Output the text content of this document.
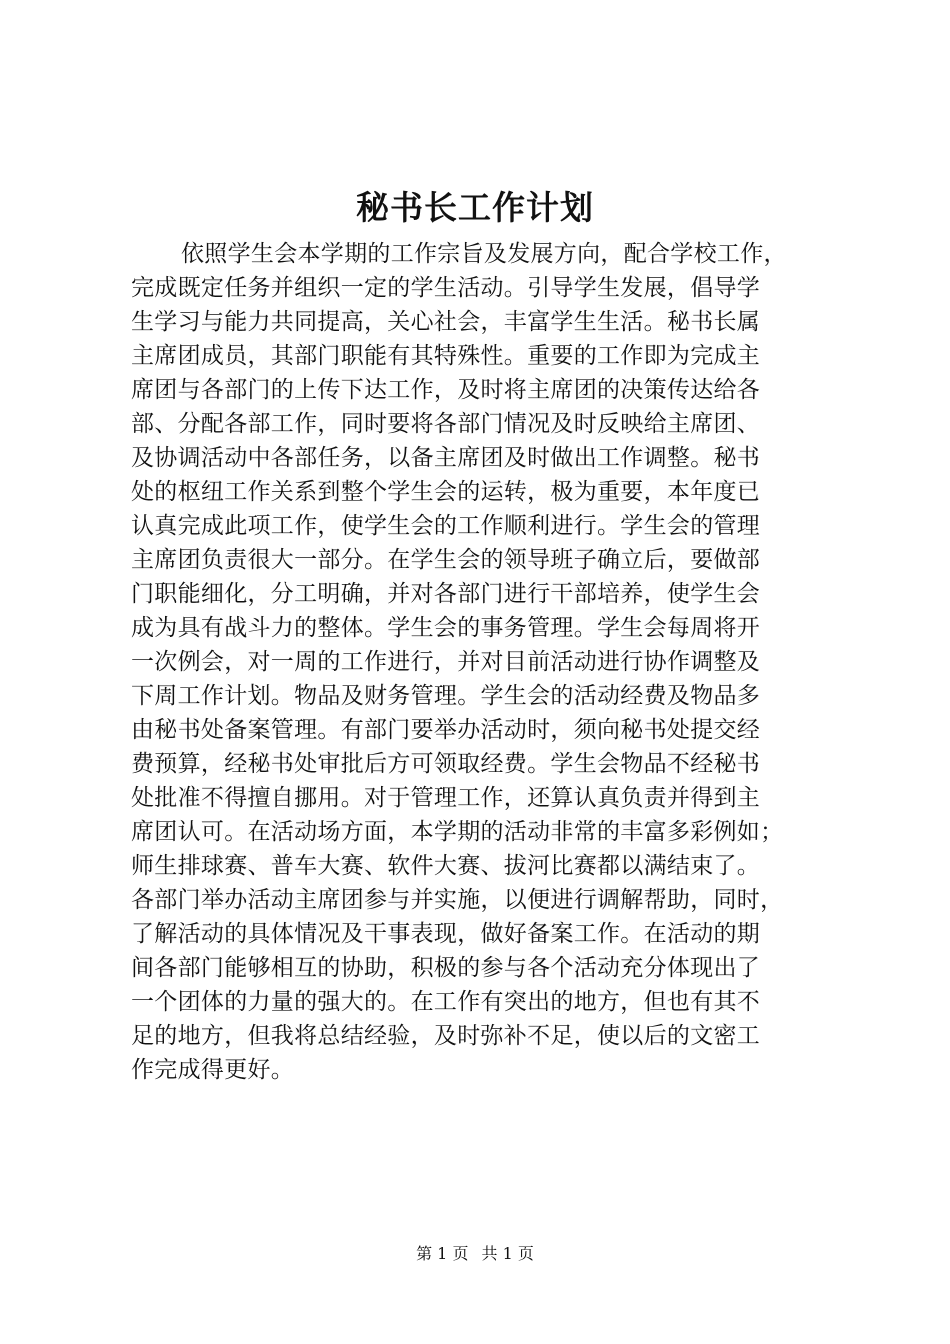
秘书长工作计划
依照学生会本学期的工作宗旨及发展方向，配合学校工作，
完成既定任务并组织一定的学生活动。引导学生发展，倡导学
生学习与能力共同提高，关心社会，丰富学生生活。秘书长属
主席团成员，其部门职能有其特殊性。重要的工作即为完成主
席团与各部门的上传下达工作，及时将主席团的决策传达给各
部、分配各部工作，同时要将各部门情况及时反映给主席团、
及协调活动中各部任务，以备主席团及时做出工作调整。秘书
处的枢纽工作关系到整个学生会的运转，极为重要，本年度已
认真完成此项工作，使学生会的工作顺利进行。学生会的管理
主席团负责很大一部分。在学生会的领导班子确立后，要做部
门职能细化，分工明确，并对各部门进行干部培养，使学生会
成为具有战斗力的整体。学生会的事务管理。学生会每周将开
一次例会，对一周的工作进行，并对目前活动进行协作调整及
下周工作计划。物品及财务管理。学生会的活动经费及物品多
由秘书处备案管理。有部门要举办活动时，须向秘书处提交经
费预算，经秘书处审批后方可领取经费。学生会物品不经秘书
处批准不得擅自挪用。对于管理工作，还算认真负责并得到主
席团认可。在活动场方面，本学期的活动非常的丰富多彩例如；
师生排球赛、普车大赛、软件大赛、拔河比赛都以满结束了。
各部门举办活动主席团参与并实施，以便进行调解帮助，同时，
了解活动的具体情况及干事表现，做好备案工作。在活动的期
间各部门能够相互的协助，积极的参与各个活动充分体现出了
一个团体的力量的强大的。在工作有突出的地方，但也有其不
足的地方，但我将总结经验，及时弥补不足，使以后的文密工
作完成得更好。
第 1 页 共 1 页
